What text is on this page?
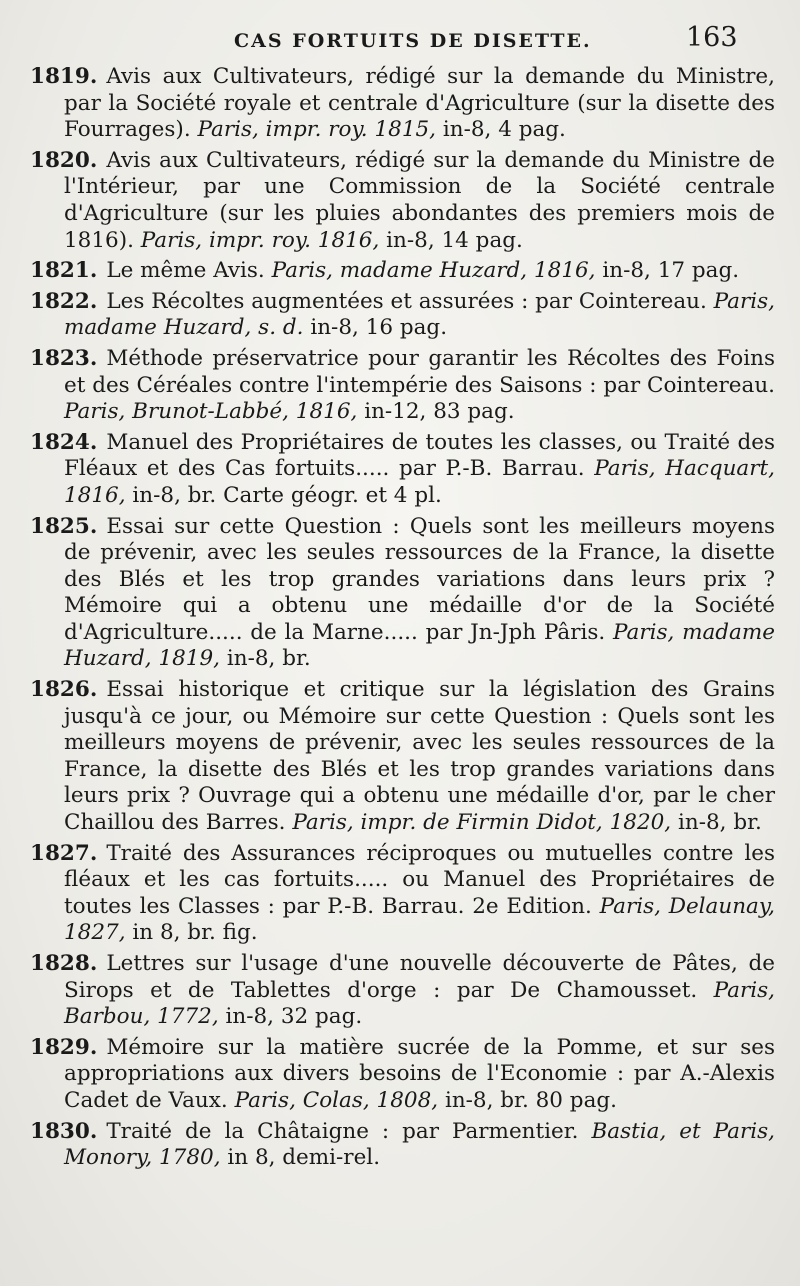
CAS FORTUITS DE DISETTE.	163

1819. Avis aux Cultivateurs, rédigé sur la demande du Ministre, par la Société royale et centrale d'Agriculture (sur la disette des Fourrages). Paris, impr. roy. 1815, in-8, 4 pag.

1820. Avis aux Cultivateurs, rédigé sur la demande du Ministre de l'Intérieur, par une Commission de la Société centrale d'Agriculture (sur les pluies abondantes des premiers mois de 1816). Paris, impr. roy. 1816, in-8, 14 pag.

1821. Le même Avis. Paris, madame Huzard, 1816, in-8, 17 pag.

1822. Les Récoltes augmentées et assurées : par Cointereau. Paris, madame Huzard, s. d. in-8, 16 pag.

1823. Méthode préservatrice pour garantir les Récoltes des Foins et des Céréales contre l'intempérie des Saisons : par Cointereau. Paris, Brunot-Labbé, 1816, in-12, 83 pag.

1824. Manuel des Propriétaires de toutes les classes, ou Traité des Fléaux et des Cas fortuits..... par P.-B. Barrau. Paris, Hacquart, 1816, in-8, br. Carte géogr. et 4 pl.

1825. Essai sur cette Question : Quels sont les meilleurs moyens de prévenir, avec les seules ressources de la France, la disette des Blés et les trop grandes variations dans leurs prix ? Mémoire qui a obtenu une médaille d'or de la Société d'Agriculture..... de la Marne..... par Jn-Jph Pâris. Paris, madame Huzard, 1819, in-8, br.

1826. Essai historique et critique sur la législation des Grains jusqu'à ce jour, ou Mémoire sur cette Question : Quels sont les meilleurs moyens de prévenir, avec les seules ressources de la France, la disette des Blés et les trop grandes variations dans leurs prix ? Ouvrage qui a obtenu une médaille d'or, par le cher Chaillou des Barres. Paris, impr. de Firmin Didot, 1820, in-8, br.

1827. Traité des Assurances réciproques ou mutuelles contre les fléaux et les cas fortuits..... ou Manuel des Propriétaires de toutes les Classes : par P.-B. Barrau. 2e Edition. Paris, Delaunay, 1827, in 8, br. fig.

1828. Lettres sur l'usage d'une nouvelle découverte de Pâtes, de Sirops et de Tablettes d'orge : par De Chamousset. Paris, Barbou, 1772, in-8, 32 pag.

1829. Mémoire sur la matière sucrée de la Pomme, et sur ses appropriations aux divers besoins de l'Economie : par A.-Alexis Cadet de Vaux. Paris, Colas, 1808, in-8, br. 80 pag.

1830. Traité de la Châtaigne : par Parmentier. Bastia, et Paris, Monory, 1780, in 8, demi-rel.
